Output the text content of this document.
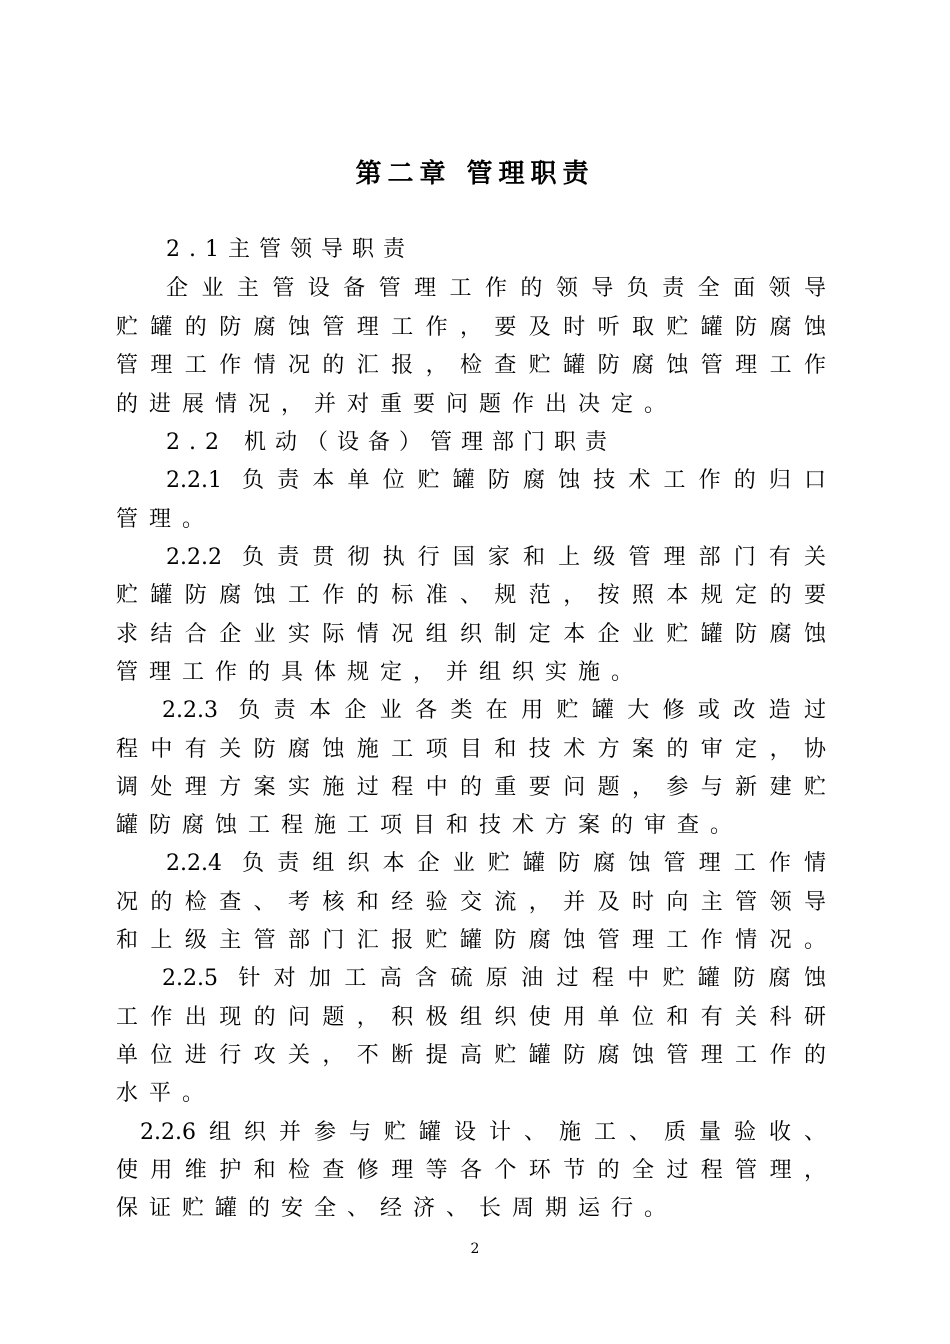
第二章 管理职责
2.1主管领导职责
企业主管设备管理工作的领导负责全面领导
贮罐的防腐蚀管理工作，要及时听取贮罐防腐蚀
管理工作情况的汇报，检查贮罐防腐蚀管理工作
的进展情况，并对重要问题作出决定。
2.2 机动（设备）管理部门职责
2.2.1 负责本单位贮罐防腐蚀技术工作的归口
管理。
2.2.2 负责贯彻执行国家和上级管理部门有关
贮罐防腐蚀工作的标准、规范，按照本规定的要
求结合企业实际情况组织制定本企业贮罐防腐蚀
管理工作的具体规定，并组织实施。
2.2.3 负责本企业各类在用贮罐大修或改造过
程中有关防腐蚀施工项目和技术方案的审定，协
调处理方案实施过程中的重要问题，参与新建贮
罐防腐蚀工程施工项目和技术方案的审查。
2.2.4 负责组织本企业贮罐防腐蚀管理工作情
况的检查、考核和经验交流，并及时向主管领导
和上级主管部门汇报贮罐防腐蚀管理工作情况。
2.2.5 针对加工高含硫原油过程中贮罐防腐蚀
工作出现的问题，积极组织使用单位和有关科研
单位进行攻关，不断提高贮罐防腐蚀管理工作的
水平。
2.2.6组织并参与贮罐设计、施工、质量验收、
使用维护和检查修理等各个环节的全过程管理，
保证贮罐的安全、经济、长周期运行。
2
